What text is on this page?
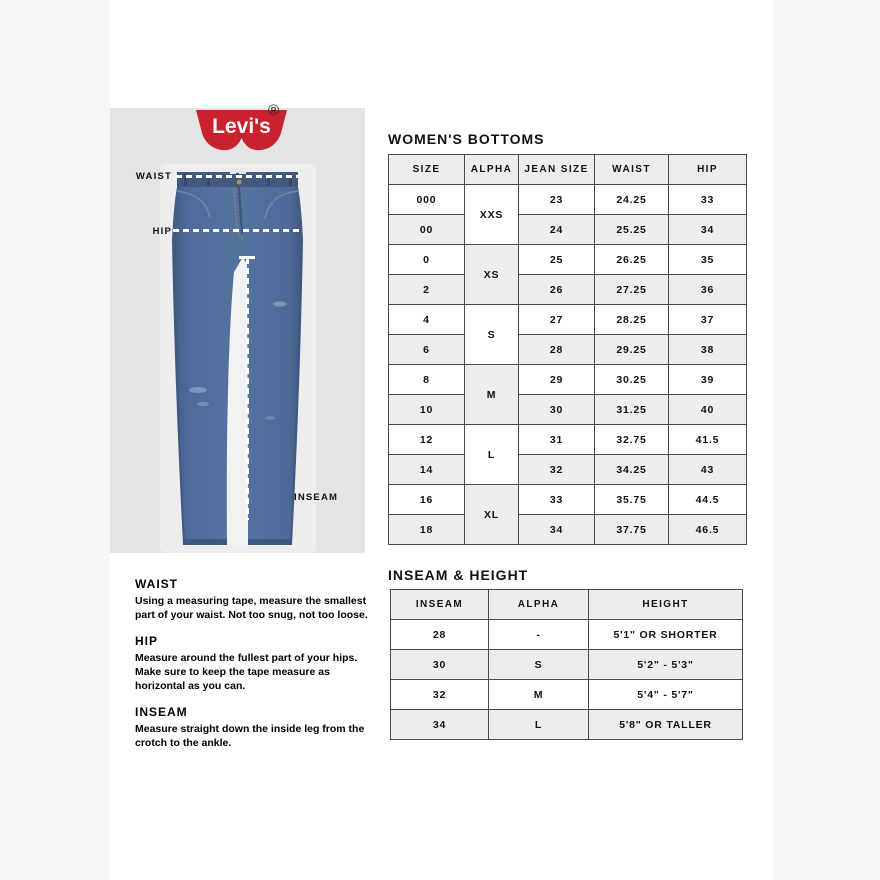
Levi's
®
WAIST
HIP
INSEAM
WOMEN'S BOTTOMS
SIZE	ALPHA	JEAN SIZE	WAIST	HIP
000	XXS	23	24.25	33
00		24	25.25	34
0	XS	25	26.25	35
2		26	27.25	36
4	S	27	28.25	37
6		28	29.25	38
8	M	29	30.25	39
10		30	31.25	40
12	L	31	32.75	41.5
14		32	34.25	43
16	XL	33	35.75	44.5
18		34	37.75	46.5
WAIST
Using a measuring tape, measure the smallest part of your waist. Not too snug, not too loose.
HIP
Measure around the fullest part of your hips. Make sure to keep the tape measure as horizontal as you can.
INSEAM
Measure straight down the inside leg from the crotch to the ankle.
INSEAM & HEIGHT
INSEAM	ALPHA	HEIGHT
28	-	5'1" OR SHORTER
30	S	5'2" - 5'3"
32	M	5'4" - 5'7"
34	L	5'8" OR TALLER
